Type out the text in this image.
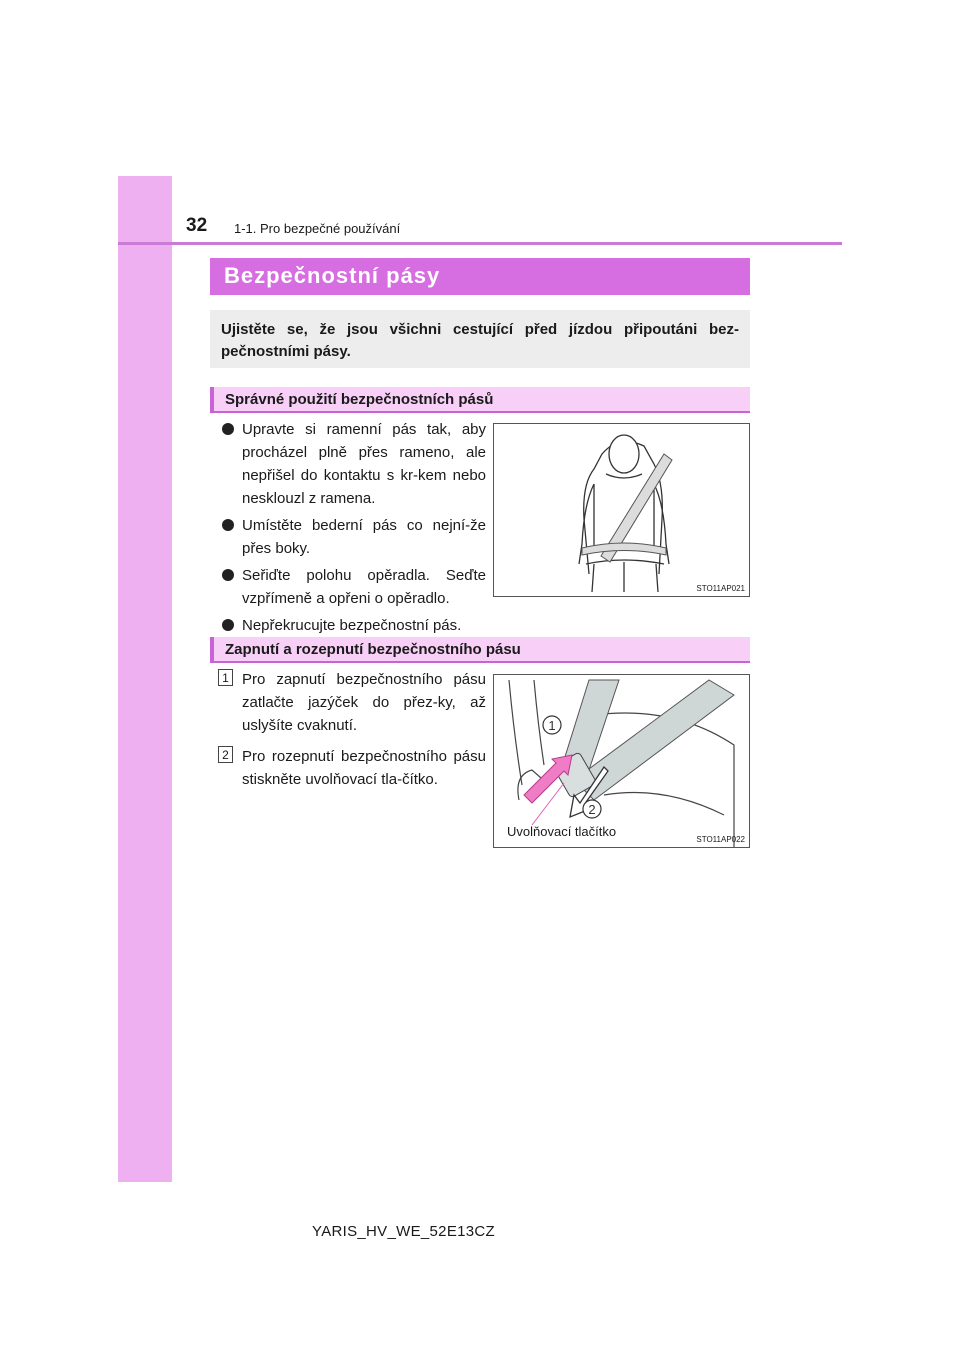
32 1-1. Pro bezpečné používání
Bezpečnostní pásy

Ujistěte se, že jsou všichni cestující před jízdou připoutáni bez-pečnostními pásy.

Správné použití bezpečnostních pásů
Upravte si ramenní pás tak, aby procházel plně přes rameno, ale nepřišel do kontaktu s kr-kem nebo nesklouzl z ramena.
Umístěte bederní pás co nejní-že přes boky.
Seřiďte polohu opěradla. Seďte vzpřímeně a opřeni o opěradlo.
Nepřekrucujte bezpečnostní pás.
STO11AP021
Zapnutí a rozepnutí bezpečnostního pásu
1 Pro zapnutí bezpečnostního pásu zatlačte jazýček do přez-ky, až uslyšíte cvaknutí.
2 Pro rozepnutí bezpečnostního pásu stiskněte uvolňovací tla-čítko.
1
2
Uvolňovací tlačítko
STO11AP022
YARIS_HV_WE_52E13CZ
